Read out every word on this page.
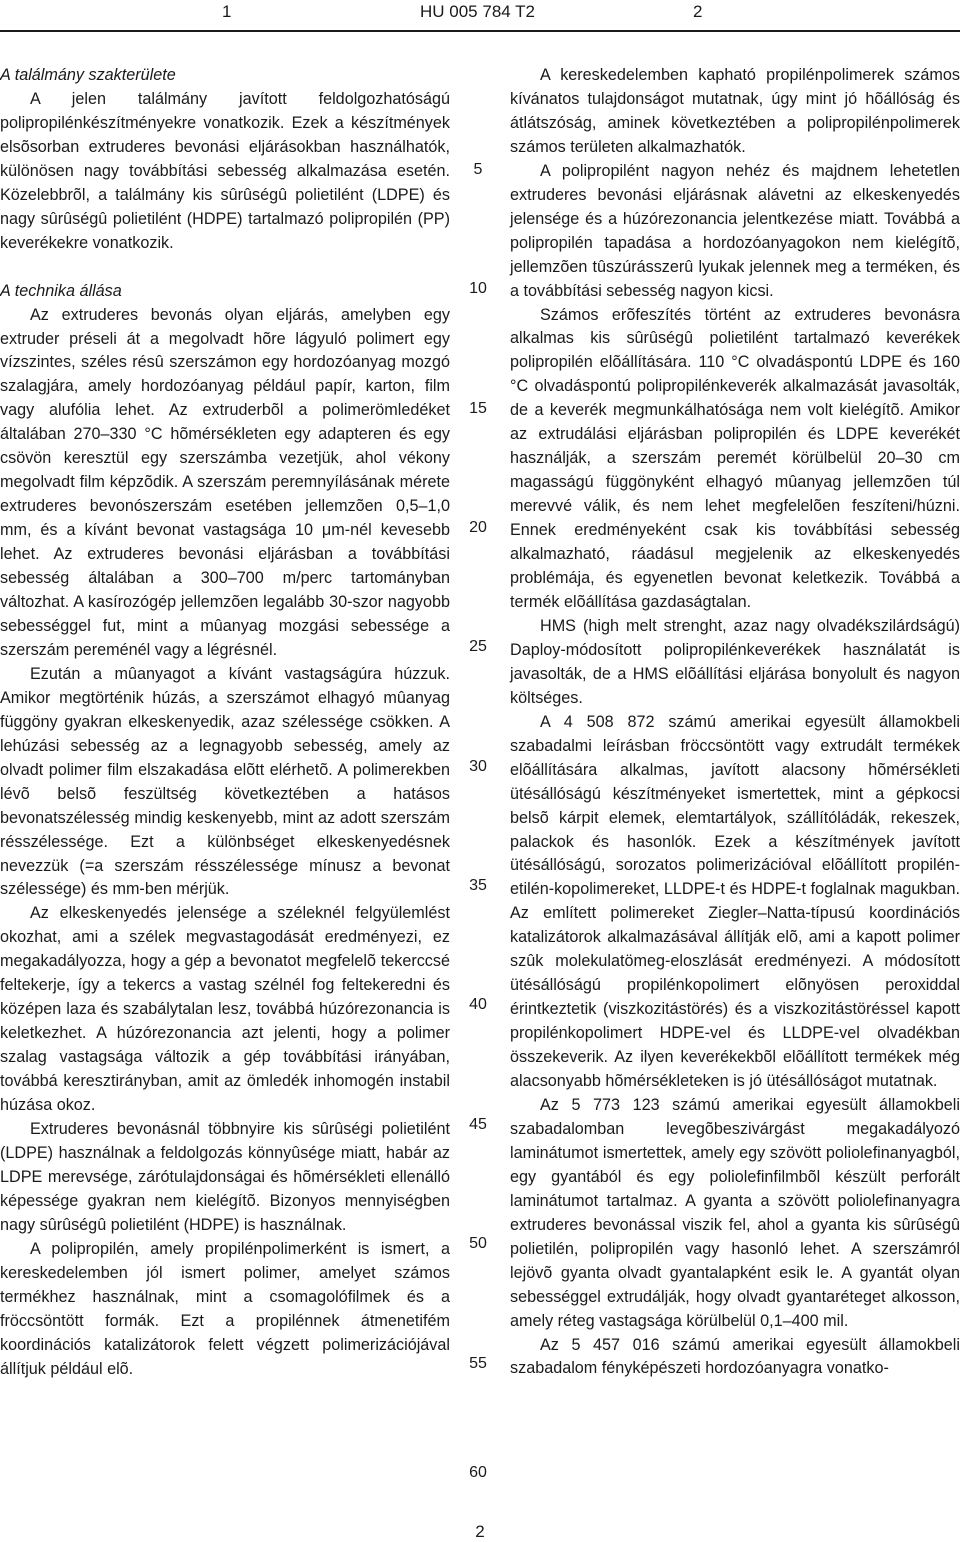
1	HU 005 784 T2	2
A találmány szakterülete

A jelen találmány javított feldolgozhatóságú polipropilénkészítményekre vonatkozik. Ezek a készítmények elsõsorban extruderes bevonási eljárásokban használhatók, különösen nagy továbbítási sebesség alkalmazása esetén. Közelebbrõl, a találmány kis sûrûségû polietilént (LDPE) és nagy sûrûségû polietilént (HDPE) tartalmazó polipropilén (PP) keverékekre vonatkozik.

A technika állása

Az extruderes bevonás olyan eljárás, amelyben egy extruder préseli át a megolvadt hõre lágyuló polimert egy vízszintes, széles résû szerszámon egy hordozóanyag mozgó szalagjára, amely hordozóanyag például papír, karton, film vagy alufólia lehet. Az extruderbõl a polimerömledéket általában 270–330 °C hõmérsékleten egy adapteren és egy csövön keresztül egy szerszámba vezetjük, ahol vékony megolvadt film képzõdik. A szerszám peremnyílásának mérete extruderes bevonószerszám esetében jellemzõen 0,5–1,0 mm, és a kívánt bevonat vastagsága 10 μm-nél kevesebb lehet. Az extruderes bevonási eljárásban a továbbítási sebesség általában a 300–700 m/perc tartományban változhat. A kasírozógép jellemzõen legalább 30-szor nagyobb sebességgel fut, mint a mûanyag mozgási sebessége a szerszám pereménél vagy a légrésnél.

Ezután a mûanyagot a kívánt vastagságúra húzzuk. Amikor megtörténik húzás, a szerszámot elhagyó mûanyag függöny gyakran elkeskenyedik, azaz szélessége csökken. A lehúzási sebesség az a legnagyobb sebesség, amely az olvadt polimer film elszakadása elõtt elérhetõ. A polimerekben lévõ belsõ feszültség következtében a hatásos bevonatszélesség mindig keskenyebb, mint az adott szerszám résszélessége. Ezt a különbséget elkeskenyedésnek nevezzük (=a szerszám résszélessége mínusz a bevonat szélessége) és mm-ben mérjük.

Az elkeskenyedés jelensége a széleknél felgyülemlést okozhat, ami a szélek megvastagodását eredményezi, ez megakadályozza, hogy a gép a bevonatot megfelelõ tekerccsé feltekerje, így a tekercs a vastag szélnél fog feltekeredni és középen laza és szabálytalan lesz, továbbá húzórezonancia is keletkezhet. A húzórezonancia azt jelenti, hogy a polimer szalag vastagsága változik a gép továbbítási irányában, továbbá keresztirányban, amit az ömledék inhomogén instabil húzása okoz.

Extruderes bevonásnál többnyire kis sûrûségi polietilént (LDPE) használnak a feldolgozás könnyûsége miatt, habár az LDPE merevsége, zárótulajdonságai és hõmérsékleti ellenálló képessége gyakran nem kielégítõ. Bizonyos mennyiségben nagy sûrûségû polietilént (HDPE) is használnak.

A polipropilén, amely propilénpolimerként is ismert, a kereskedelemben jól ismert polimer, amelyet számos termékhez használnak, mint a csomagolófilmek és a fröccsöntött formák. Ezt a propilénnek átmenetifém koordinációs katalizátorok felett végzett polimerizációjával állítjuk például elõ.

5
10
15
20
25
30
35
40
45
50
55
60

A kereskedelemben kapható propilénpolimerek számos kívánatos tulajdonságot mutatnak, úgy mint jó hõállóság és átlátszóság, aminek következtében a polipropilénpolimerek számos területen alkalmazhatók.

A polipropilént nagyon nehéz és majdnem lehetetlen extruderes bevonási eljárásnak alávetni az elkeskenyedés jelensége és a húzórezonancia jelentkezése miatt. Továbbá a polipropilén tapadása a hordozóanyagokon nem kielégítõ, jellemzõen tûszúrásszerû lyukak jelennek meg a terméken, és a továbbítási sebesség nagyon kicsi.

Számos erõfeszítés történt az extruderes bevonásra alkalmas kis sûrûségû polietilént tartalmazó keverékek polipropilén elõállítására. 110 °C olvadáspontú LDPE és 160 °C olvadáspontú polipropilénkeverék alkalmazását javasolták, de a keverék megmunkálhatósága nem volt kielégítõ. Amikor az extrudálási eljárásban polipropilén és LDPE keverékét használják, a szerszám peremét körülbelül 20–30 cm magasságú függönyként elhagyó mûanyag jellemzõen túl merevvé válik, és nem lehet megfelelõen feszíteni/húzni. Ennek eredményeként csak kis továbbítási sebesség alkalmazható, ráadásul megjelenik az elkeskenyedés problémája, és egyenetlen bevonat keletkezik. Továbbá a termék elõállítása gazdaságtalan.

HMS (high melt strenght, azaz nagy olvadékszilárdságú) Daploy-módosított polipropilénkeverékek használatát is javasolták, de a HMS elõállítási eljárása bonyolult és nagyon költséges.

A 4 508 872 számú amerikai egyesült államokbeli szabadalmi leírásban fröccsöntött vagy extrudált termékek elõállítására alkalmas, javított alacsony hõmérsékleti ütésállóságú készítményeket ismertettek, mint a gépkocsi belsõ kárpit elemek, elemtartályok, szállítóládák, rekeszek, palackok és hasonlók. Ezek a készítmények javított ütésállóságú, sorozatos polimerizációval elõállított propilén-etilén-kopolimereket, LLDPE-t és HDPE-t foglalnak magukban. Az említett polimereket Ziegler–Natta-típusú koordinációs katalizátorok alkalmazásával állítják elõ, ami a kapott polimer szûk molekulatömeg-eloszlását eredményezi. A módosított ütésállóságú propilénkopolimert elõnyösen peroxiddal érintkeztetik (viszkozitástörés) és a viszkozitástöréssel kapott propilénkopolimert HDPE-vel és LLDPE-vel olvadékban összekeverik. Az ilyen keverékekbõl elõállított termékek még alacsonyabb hõmérsékleteken is jó ütésállóságot mutatnak.

Az 5 773 123 számú amerikai egyesült államokbeli szabadalomban levegõbeszivárgást megakadályozó laminátumot ismertettek, amely egy szövött poliolefinanyagból, egy gyantából és egy poliolefinfilmbõl készült perforált laminátumot tartalmaz. A gyanta a szövött poliolefinanyagra extruderes bevonással viszik fel, ahol a gyanta kis sûrûségû polietilén, polipropilén vagy hasonló lehet. A szerszámról lejövõ gyanta olvadt gyantalapként esik le. A gyantát olyan sebességgel extrudálják, hogy olvadt gyantaréteget alkosson, amely réteg vastagsága körülbelül 0,1–400 mil.

Az 5 457 016 számú amerikai egyesült államokbeli szabadalom fényképészeti hordozóanyagra vonatko-

2
